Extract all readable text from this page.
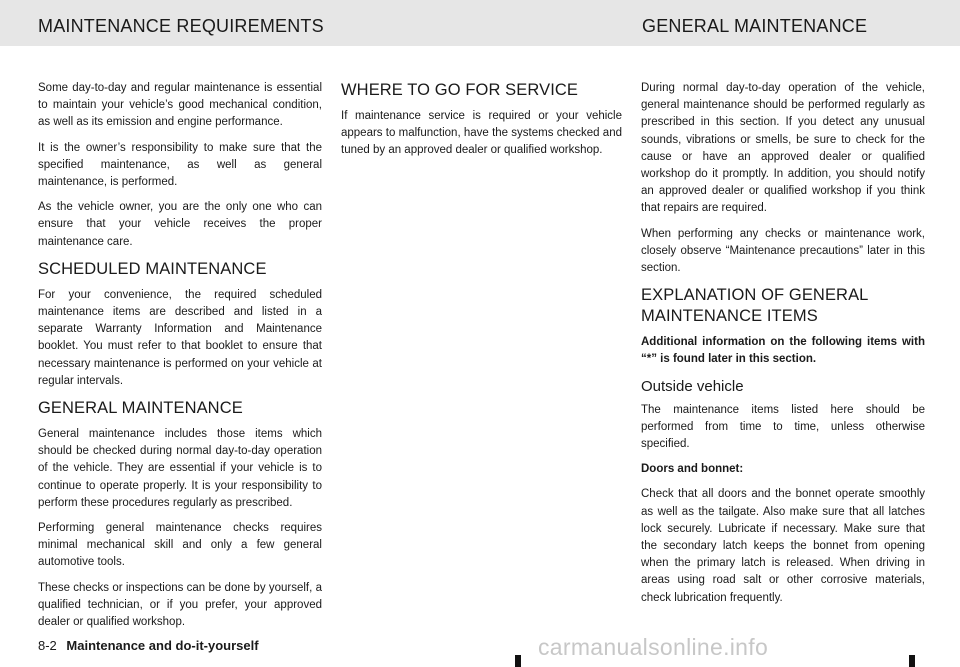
MAINTENANCE REQUIREMENTS	GENERAL MAINTENANCE

Some day-to-day and regular maintenance is essential to maintain your vehicle’s good mechanical condition, as well as its emission and engine performance.

It is the owner’s responsibility to make sure that the specified maintenance, as well as general maintenance, is performed.

As the vehicle owner, you are the only one who can ensure that your vehicle receives the proper maintenance care.

SCHEDULED MAINTENANCE

For your convenience, the required scheduled maintenance items are described and listed in a separate Warranty Information and Maintenance booklet. You must refer to that booklet to ensure that necessary maintenance is performed on your vehicle at regular intervals.

GENERAL MAINTENANCE

General maintenance includes those items which should be checked during normal day-to-day operation of the vehicle. They are essential if your vehicle is to continue to operate properly. It is your responsibility to perform these procedures regularly as prescribed.

Performing general maintenance checks requires minimal mechanical skill and only a few general automotive tools.

These checks or inspections can be done by yourself, a qualified technician, or if you prefer, your approved dealer or qualified workshop.

WHERE TO GO FOR SERVICE

If maintenance service is required or your vehicle appears to malfunction, have the systems checked and tuned by an approved dealer or qualified workshop.

During normal day-to-day operation of the vehicle, general maintenance should be performed regularly as prescribed in this section. If you detect any unusual sounds, vibrations or smells, be sure to check for the cause or have an approved dealer or qualified workshop do it promptly. In addition, you should notify an approved dealer or qualified workshop if you think that repairs are required.

When performing any checks or maintenance work, closely observe “Maintenance precautions” later in this section.

EXPLANATION OF GENERAL MAINTENANCE ITEMS

Additional information on the following items with “*” is found later in this section.

Outside vehicle

The maintenance items listed here should be performed from time to time, unless otherwise specified.

Doors and bonnet:

Check that all doors and the bonnet operate smoothly as well as the tailgate. Also make sure that all latches lock securely. Lubricate if necessary. Make sure that the secondary latch keeps the bonnet from opening when the primary latch is released. When driving in areas using road salt or other corrosive materials, check lubrication frequently.

8-2 Maintenance and do-it-yourself	carmanualsonline.info
